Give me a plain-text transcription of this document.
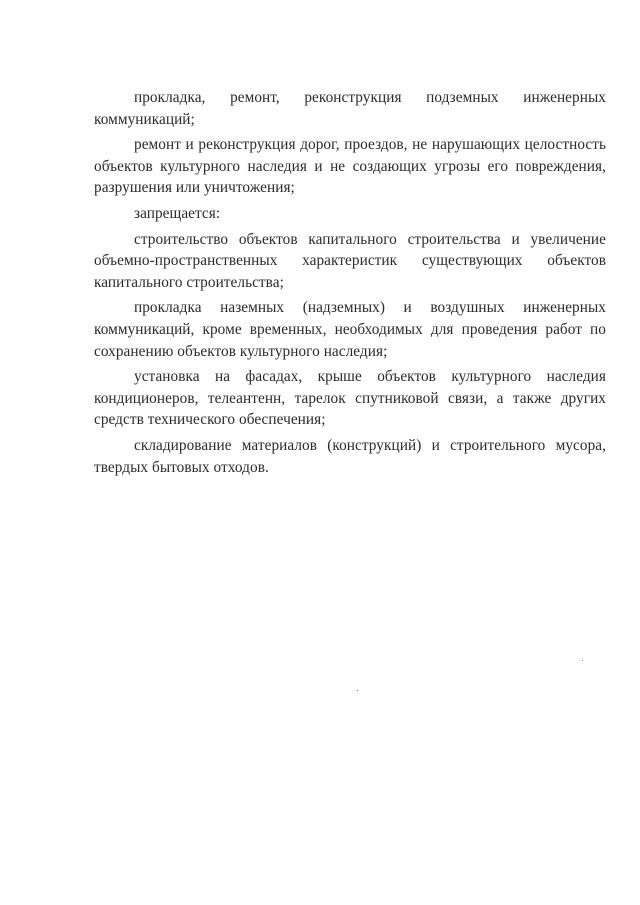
прокладка, ремонт, реконструкция подземных инженерных коммуникаций;

ремонт и реконструкция дорог, проездов, не нарушающих целостность объектов культурного наследия и не создающих угрозы его повреждения, разрушения или уничтожения;

запрещается:

строительство объектов капитального строительства и увеличение объемно-пространственных характеристик существующих объектов капитального строительства;

прокладка наземных (надземных) и воздушных инженерных коммуникаций, кроме временных, необходимых для проведения работ по сохранению объектов культурного наследия;

установка на фасадах, крыше объектов культурного наследия кондиционеров, телеантенн, тарелок спутниковой связи, а также других средств технического обеспечения;

складирование материалов (конструкций) и строительного мусора, твердых бытовых отходов.
